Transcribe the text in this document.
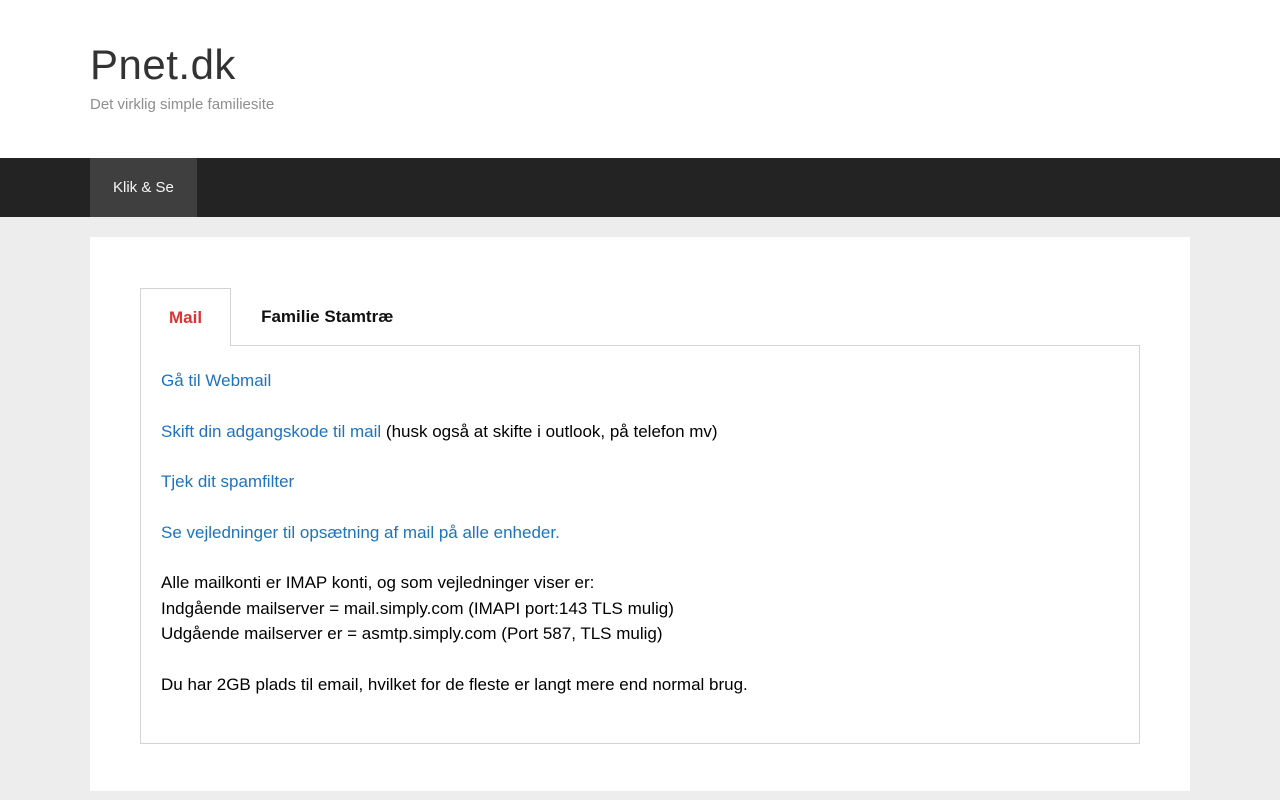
Pnet.dk

Det virklig simple familiesite

Klik & Se
Mail	Familie Stamtræ

Gå til Webmail

Skift din adgangskode til mail (husk også at skifte i outlook, på telefon mv)

Tjek dit spamfilter

Se vejledninger til opsætning af mail på alle enheder.

Alle mailkonti er IMAP konti, og som vejledninger viser er:
Indgående mailserver = mail.simply.com (IMAPI port:143 TLS mulig)
Udgående mailserver er = asmtp.simply.com (Port 587, TLS mulig)

Du har 2GB plads til email, hvilket for de fleste er langt mere end normal brug.
